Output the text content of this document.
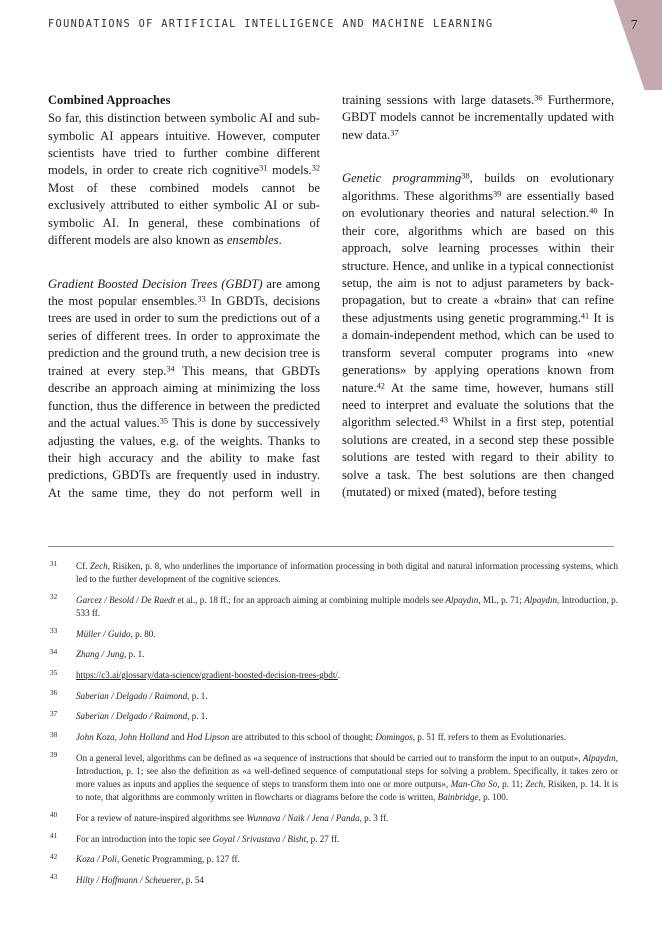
7
FOUNDATIONS OF ARTIFICIAL INTELLIGENCE AND MACHINE LEARNING
Combined Approaches

So far, this distinction between symbolic AI and sub-symbolic AI appears intuitive. However, computer scientists have tried to further combine different models, in order to create rich cognitive$^{31}$ models.$^{32}$ Most of these combined models cannot be exclusively attributed to either symbolic AI or sub-symbolic AI. In general, these combinations of different models are also known as ensembles.

Gradient Boosted Decision Trees (GBDT) are among the most popular ensembles.$^{33}$ In GBDTs, decisions trees are used in order to sum the predictions out of a series of different trees. In order to approximate the prediction and the ground truth, a new decision tree is trained at every step.$^{34}$ This means, that GBDTs describe an approach aiming at minimizing the loss function, thus the difference in between the predicted and the actual values.$^{35}$ This is done by successively adjusting the values, e.g. of the weights. Thanks to their high accuracy and the ability to make fast predictions, GBDTs are frequently used in industry. At the same time, they do not perform well in training sessions with large datasets.$^{36}$ Furthermore, GBDT models cannot be incrementally updated with new data.$^{37}$

Genetic programming$^{38}$, builds on evolutionary algorithms. These algorithms$^{39}$ are essentially based on evolutionary theories and natural selection.$^{40}$ In their core, algorithms which are based on this approach, solve learning processes within their structure. Hence, and unlike in a typical connectionist setup, the aim is not to adjust parameters by back-propagation, but to create a «brain» that can refine these adjustments using genetic programming.$^{41}$ It is a domain-independent method, which can be used to transform several computer programs into «new generations» by applying operations known from nature.$^{42}$ At the same time, however, humans still need to interpret and evaluate the solutions that the algorithm selected.$^{43}$ Whilst in a first step, potential solutions are created, in a second step these possible solutions are tested with regard to their ability to solve a task. The best solutions are then changed (mutated) or mixed (mated), before testing

31 Cf. Zech, Risiken, p. 8, who underlines the importance of information processing in both digital and natural information processing systems, which led to the further development of the cognitive sciences.
32 Garcez / Besold / De Raedt et al., p. 18 ff.; for an approach aiming at combining multiple models see Alpaydın, ML, p. 71; Alpaydın, Introduction, p. 533 ff.
33 Müller / Guido, p. 80.
34 Zhang / Jung, p. 1.
35 https://c3.ai/glossary/data-science/gradient-boosted-decision-trees-gbdt/.
36 Saberian / Delgado / Raimond, p. 1.
37 Saberian / Delgado / Raimond, p. 1.
38 John Koza, John Holland and Hod Lipson are attributed to this school of thought; Domingos, p. 51 ff. refers to them as Evolutionaries.
39 On a general level, algorithms can be defined as «a sequence of instructions that should be carried out to transform the input to an output», Alpaydın, Introduction, p. 1; see also the definition as «a well-defined sequence of computational steps for solving a problem. Specifically, it takes zero or more values as inputs and applies the sequence of steps to transform them into one or more outputs», Man-Cho So, p. 11; Zech, Risiken, p. 14. It is to note, that algorithms are commonly written in flowcharts or diagrams before the code is written, Bainbridge, p. 100.
40 For a review of nature-inspired algorithms see Wunnava / Naik / Jena / Panda, p. 3 ff.
41 For an introduction into the topic see Goyal / Srivastava / Bisht, p. 27 ff.
42 Koza / Poli, Genetic Programming, p. 127 ff.
43 Hilty / Hoffmann / Scheuerer, p. 54
